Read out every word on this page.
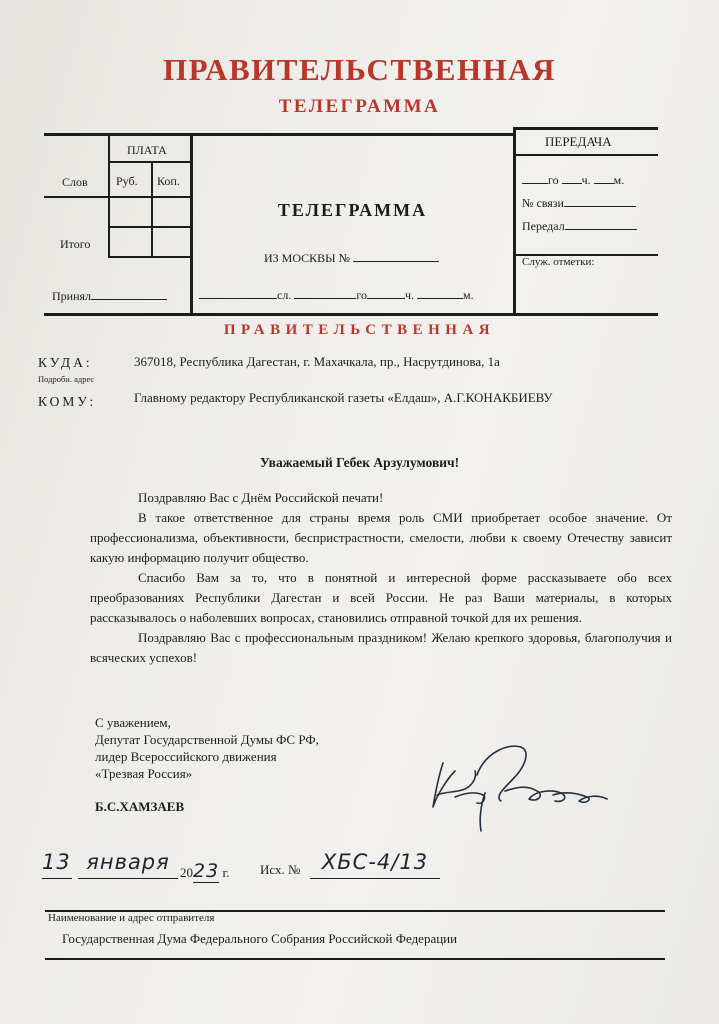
ПРАВИТЕЛЬСТВЕННАЯ
ТЕЛЕГРАММА
ПЛАТА
Слов Руб. Коп.
Итого
Принял
ТЕЛЕГРАММА
ИЗ МОСКВЫ №
сл.	го	ч.	м.
ПЕРЕДАЧА
го ч. м.
№ связи
Передал
Служ. отметки:
ПРАВИТЕЛЬСТВЕННАЯ
КУДА:
Подробн. адрес
367018, Республика Дагестан, г. Махачкала, пр., Насрутдинова, 1а
КОМУ:	Главному редактору Республиканской газеты «Елдаш», А.Г.КОНАКБИЕВУ
Уважаемый Гебек Арзулумович!
Поздравляю Вас с Днём Российской печати!
В такое ответственное для страны время роль СМИ приобретает особое значение. От профессионализма, объективности, беспристрастности, смелости, любви к своему Отечеству зависит какую информацию получит общество.
Спасибо Вам за то, что в понятной и интересной форме рассказываете обо всех преобразованиях Республики Дагестан и всей России. Не раз Ваши материалы, в которых рассказывалось о наболевших вопросах, становились отправной точкой для их решения.
Поздравляю Вас с профессиональным праздником! Желаю крепкого здоровья, благополучия и всяческих успехов!
С уважением,
Депутат Государственной Думы ФС РФ,
лидер Всероссийского движения
«Трезвая Россия»
Б.С.ХАМЗАЕВ
13 января 2023 г. Исх. №	ХБС-4/13
Наименование и адрес отправителя
Государственная Дума Федерального Собрания Российской Федерации
